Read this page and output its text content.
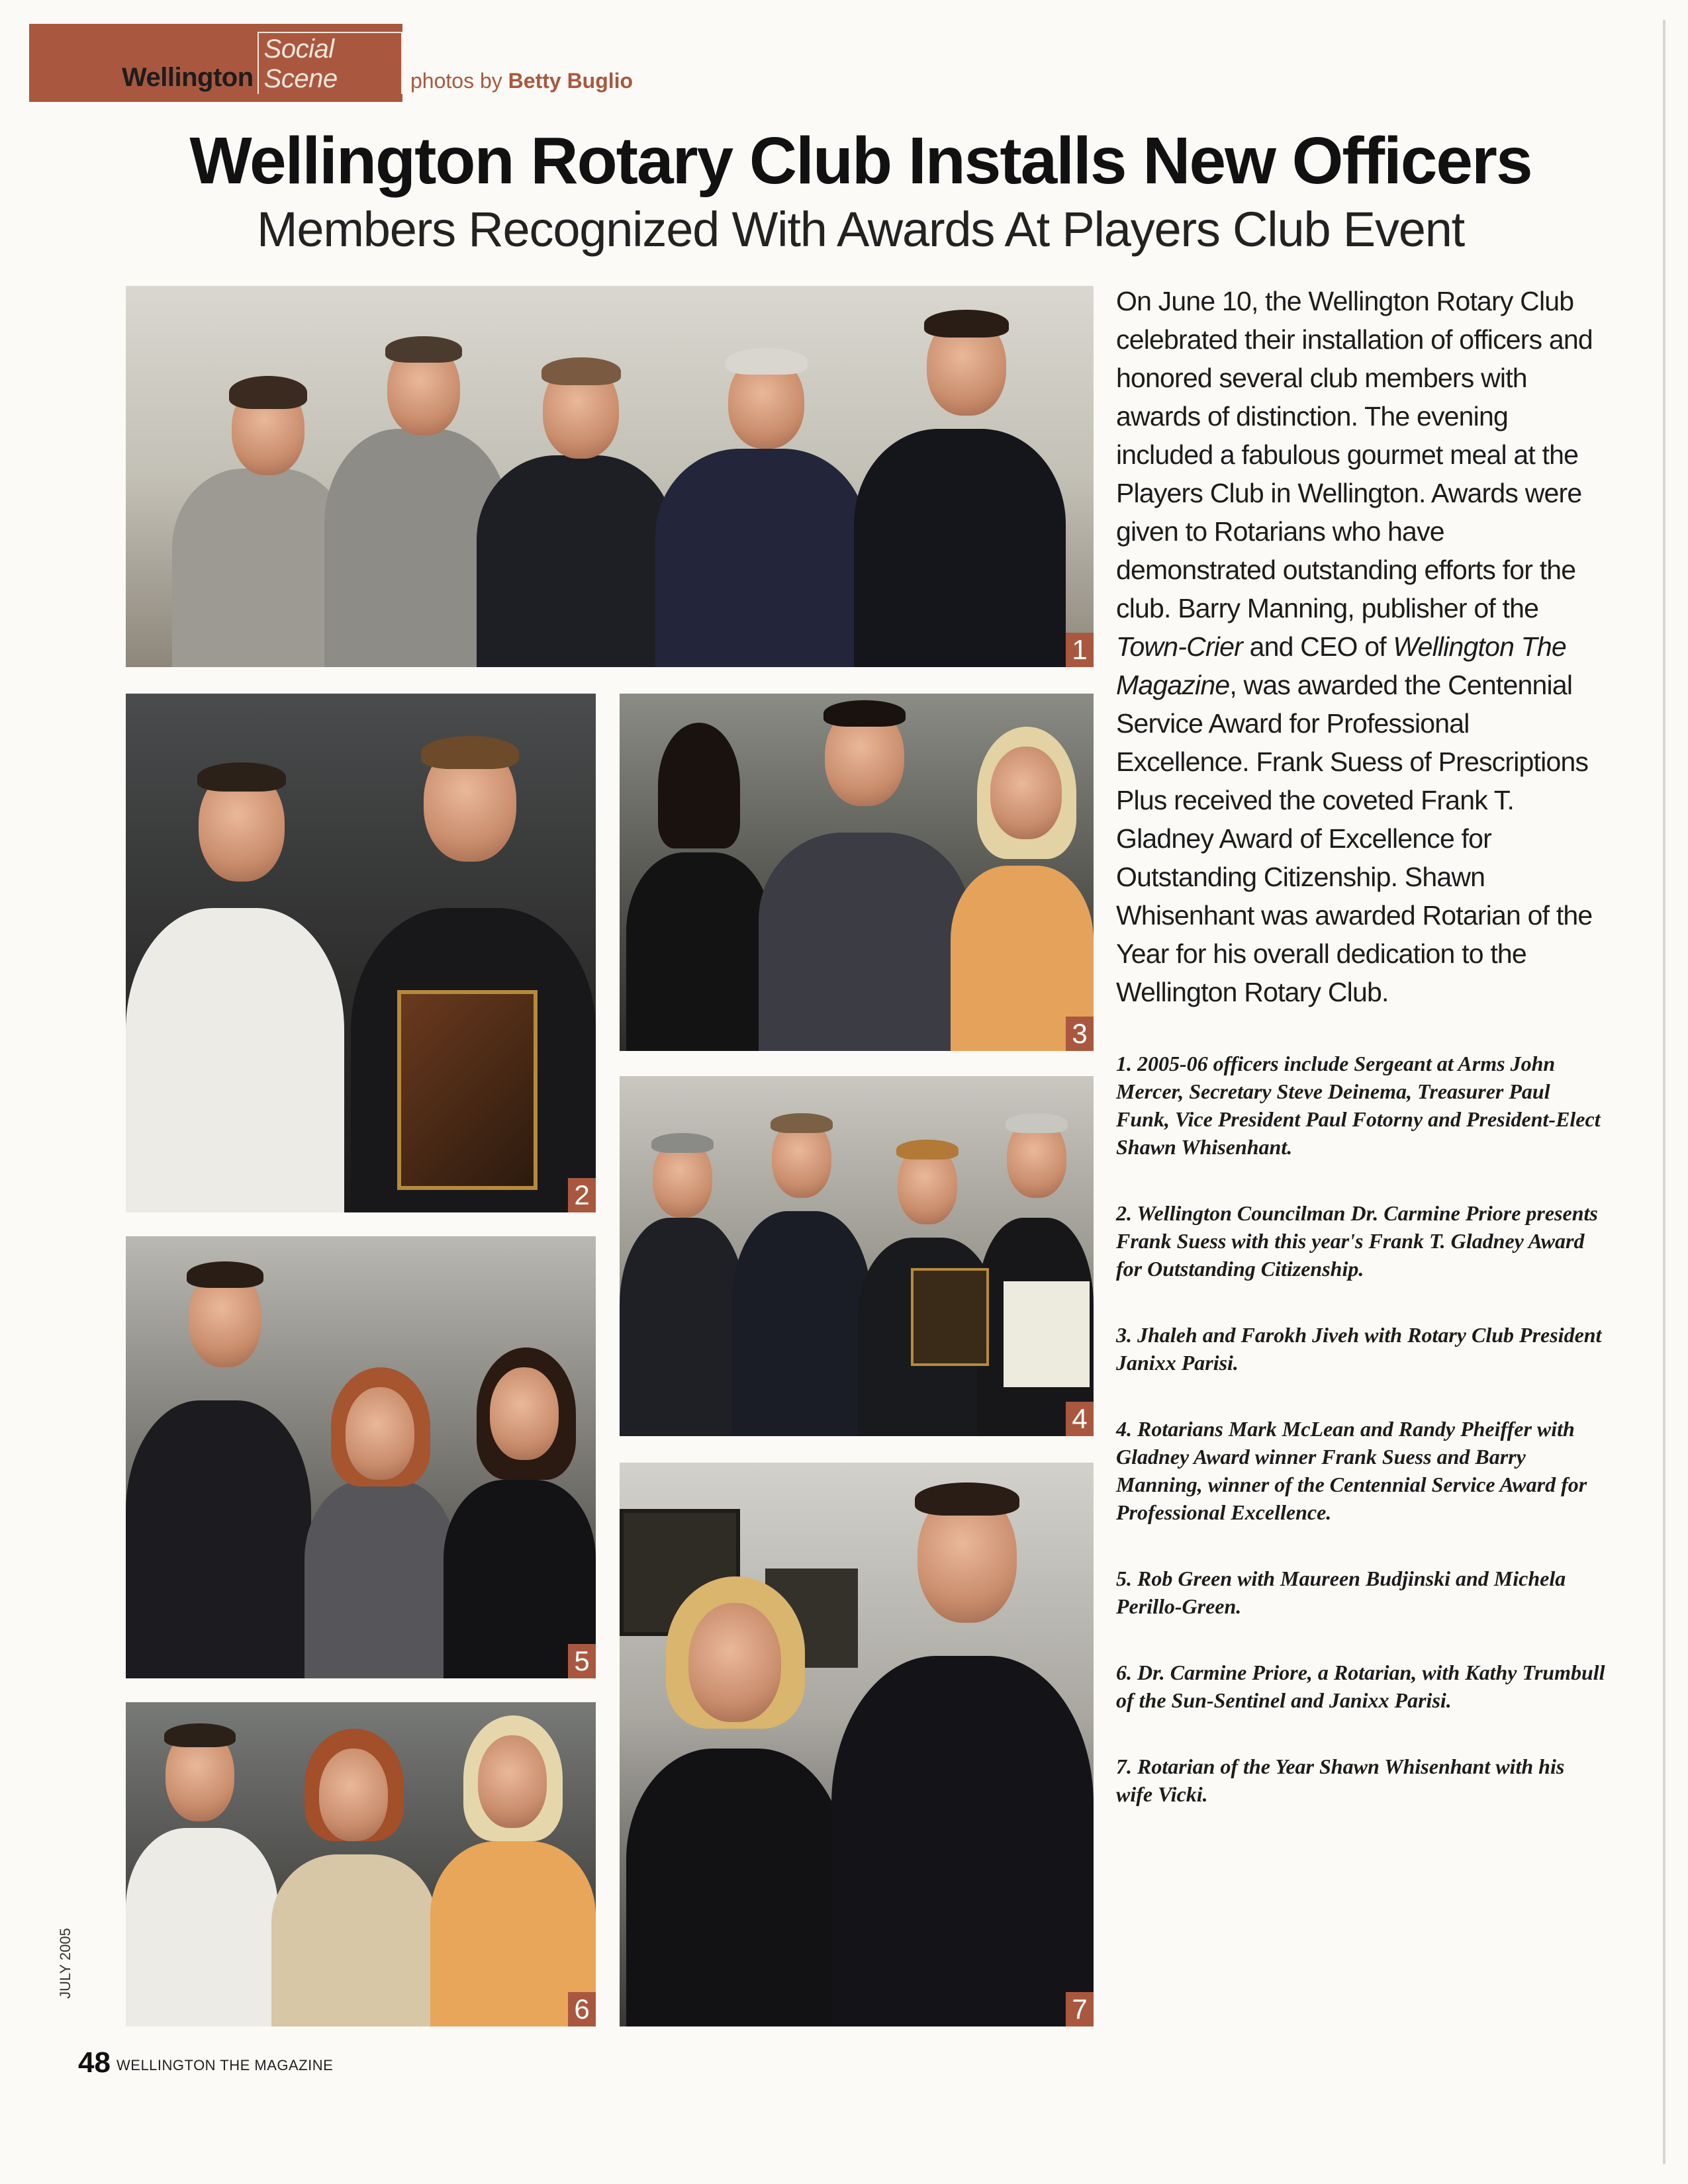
Wellington
Social Scene	photos by Betty Buglio
Wellington Rotary Club Installs New Officers
Members Recognized With Awards At Players Club Event
1
2
3
4
5
6	7

On June 10, the Wellington Rotary Club celebrated their installation of officers and honored several club members with awards of distinction. The evening included a fabulous gourmet meal at the Players Club in Wellington. Awards were given to Rotarians who have demonstrated outstanding efforts for the club. Barry Manning, publisher of the Town-Crier and CEO of Wellington The Magazine, was awarded the Centennial Service Award for Professional Excellence. Frank Suess of Prescriptions Plus received the coveted Frank T. Gladney Award of Excellence for Outstanding Citizenship. Shawn Whisenhant was awarded Rotarian of the Year for his overall dedication to the Wellington Rotary Club.

1. 2005-06 officers include Sergeant at Arms John Mercer, Secretary Steve Deinema, Treasurer Paul Funk, Vice President Paul Fotorny and President-Elect Shawn Whisenhant.

2. Wellington Councilman Dr. Carmine Priore presents Frank Suess with this year's Frank T. Gladney Award for Outstanding Citizenship.

3. Jhaleh and Farokh Jiveh with Rotary Club President Janixx Parisi.

4. Rotarians Mark McLean and Randy Pheiffer with Gladney Award winner Frank Suess and Barry Manning, winner of the Centennial Service Award for Professional Excellence.

5. Rob Green with Maureen Budjinski and Michela Perillo-Green.

6. Dr. Carmine Priore, a Rotarian, with Kathy Trumbull of the Sun-Sentinel and Janixx Parisi.

7. Rotarian of the Year Shawn Whisenhant with his wife Vicki.

JULY 2005
48 WELLINGTON THE MAGAZINE
